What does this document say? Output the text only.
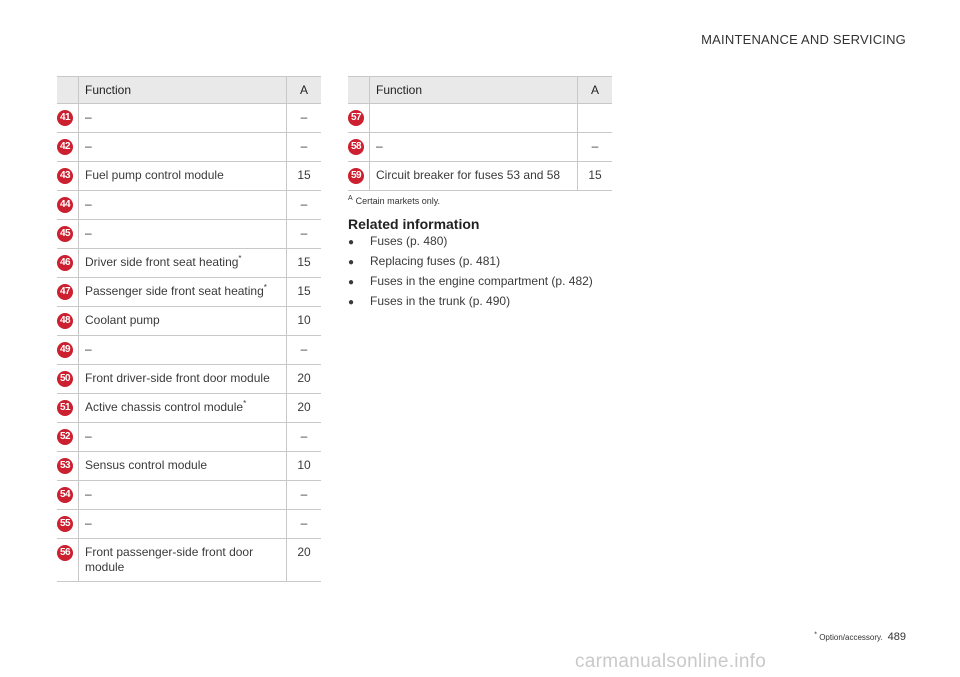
MAINTENANCE AND SERVICING
	Function	A
41	–	–
42	–	–
43	Fuel pump control module	15
44	–	–
45	–	–
46	Driver side front seat heating*	15
47	Passenger side front seat heating*	15
48	Coolant pump	10
49	–	–
50	Front driver-side front door module	20
51	Active chassis control module*	20
52	–	–
53	Sensus control module	10
54	–	–
55	–	–
56	Front passenger-side front door module	20
	Function	A
57		
58	–	–
59	Circuit breaker for fuses 53 and 58	15
$^A$ Certain markets only.
Related information
● Fuses (p. 480)
● Replacing fuses (p. 481)
● Fuses in the engine compartment (p. 482)
● Fuses in the trunk (p. 490)
* Option/accessory. 489
carmanualsonline.info
